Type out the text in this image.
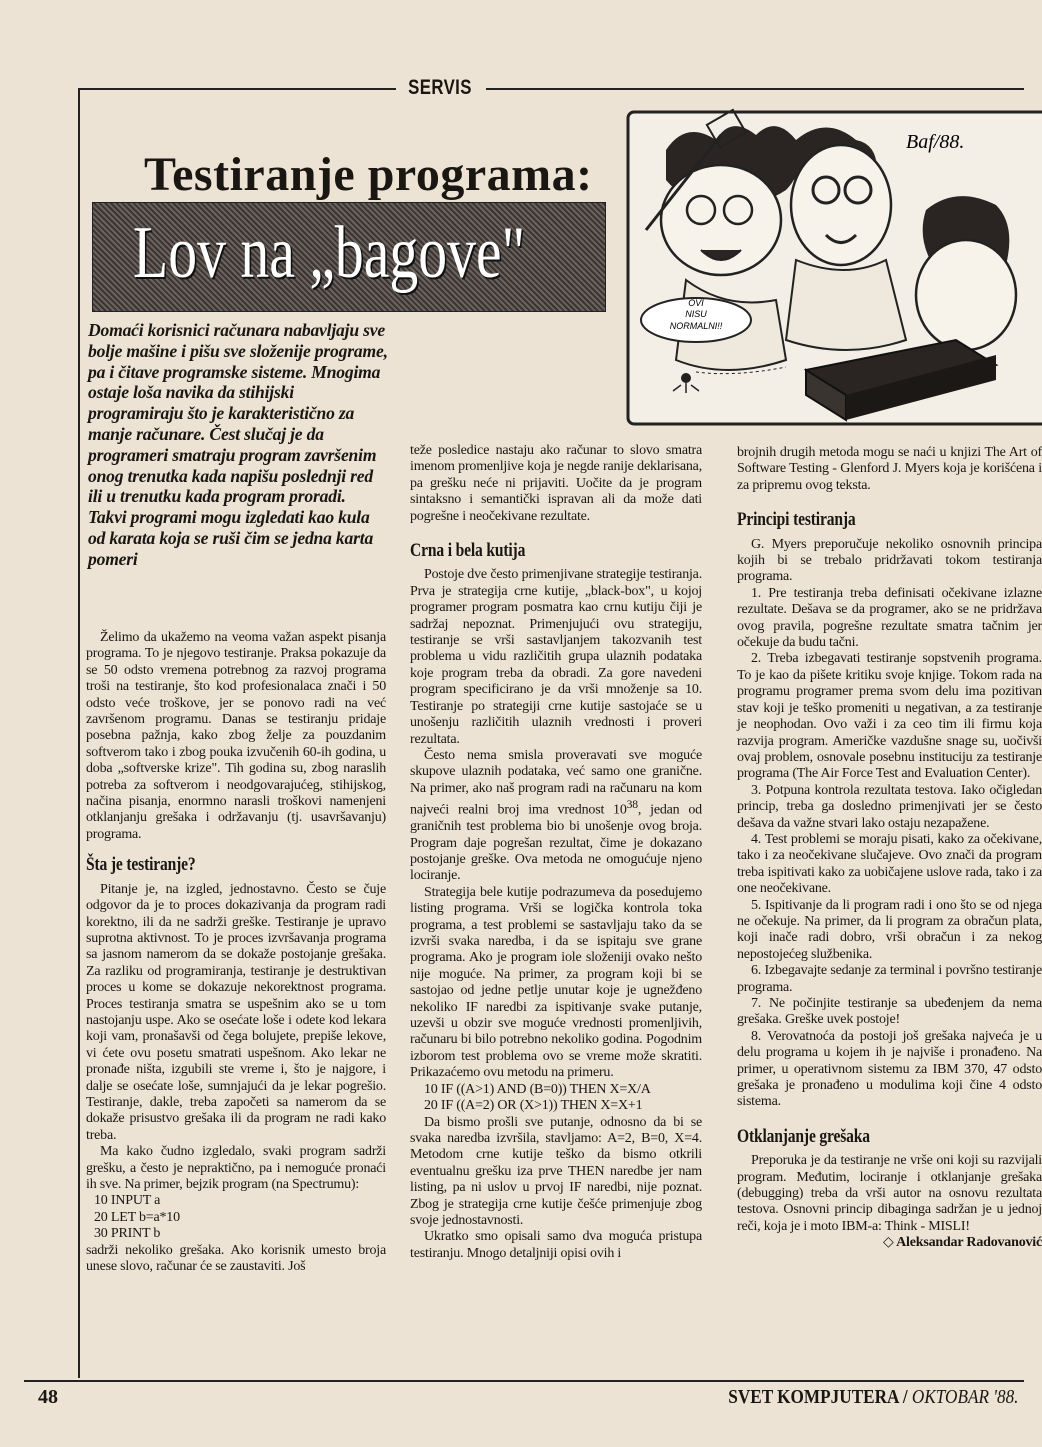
SERVIS
Testiranje programa:
Lov na „bagove"
OVI
NISU
NORMALNI!!
Baf/88.
Domaći korisnici računara nabavljaju sve bolje mašine i pišu sve složenije programe, pa i čitave programske sisteme. Mnogima ostaje loša navika da stihijski programiraju što je karakteristično za manje računare. Čest slučaj je da programeri smatraju program završenim onog trenutka kada napišu poslednji red ili u trenutku kada program proradi. Takvi programi mogu izgledati kao kula od karata koja se ruši čim se jedna karta pomeri

Želimo da ukažemo na veoma važan aspekt pisanja programa. To je njegovo testiranje. Praksa pokazuje da se 50 odsto vremena potrebnog za razvoj programa troši na testiranje, što kod profesionalaca znači i 50 odsto veće troškove, jer se ponovo radi na već završenom programu. Danas se testiranju pridaje posebna pažnja, kako zbog želje za pouzdanim softverom tako i zbog pouka izvučenih 60-ih godina, u doba „softverske krize". Tih godina su, zbog naraslih potreba za softverom i neodgovarajućeg, stihijskog, načina pisanja, enormno narasli troškovi namenjeni otklanjanju grešaka i održavanju (tj. usavršavanju) programa.

Šta je testiranje?

Pitanje je, na izgled, jednostavno. Često se čuje odgovor da je to proces dokazivanja da program radi korektno, ili da ne sadrži greške. Testiranje je upravo suprotna aktivnost. To je proces izvršavanja programa sa jasnom namerom da se dokaže postojanje grešaka. Za razliku od programiranja, testiranje je destruktivan proces u kome se dokazuje nekorektnost programa. Proces testiranja smatra se uspešnim ako se u tom nastojanju uspe. Ako se osećate loše i odete kod lekara koji vam, pronašavši od čega bolujete, prepiše lekove, vi ćete ovu posetu smatrati uspešnom. Ako lekar ne pronađe ništa, izgubili ste vreme i, što je najgore, i dalje se osećate loše, sumnjajući da je lekar pogrešio. Testiranje, dakle, treba započeti sa namerom da se dokaže prisustvo grešaka ili da program ne radi kako treba.

Ma kako čudno izgledalo, svaki program sadrži grešku, a često je nepraktično, pa i nemoguće pronaći ih sve. Na primer, bejzik program (na Spectrumu):

10 INPUT a

20 LET b=a*10

30 PRINT b

sadrži nekoliko grešaka. Ako korisnik umesto broja unese slovo, računar će se zaustaviti. Još

teže posledice nastaju ako računar to slovo smatra imenom promenljive koja je negde ranije deklarisana, pa grešku neće ni prijaviti. Uočite da je program sintaksno i semantički ispravan ali da može dati pogrešne i neočekivane rezultate.

Crna i bela kutija

Postoje dve često primenjivane strategije testiranja. Prva je strategija crne kutije, „black-box", u kojoj programer program posmatra kao crnu kutiju čiji je sadržaj nepoznat. Primenjujući ovu strategiju, testiranje se vrši sastavljanjem takozvanih test problema u vidu različitih grupa ulaznih podataka koje program treba da obradi. Za gore navedeni program specificirano je da vrši množenje sa 10. Testiranje po strategiji crne kutije sastojaće se u unošenju različitih ulaznih vrednosti i proveri rezultata.

Često nema smisla proveravati sve moguće skupove ulaznih podataka, već samo one granične. Na primer, ako naš program radi na računaru na kom najveći realni broj ima vrednost $10^{38}$, jedan od graničnih test problema bio bi unošenje ovog broja. Program daje pogrešan rezultat, čime je dokazano postojanje greške. Ova metoda ne omogućuje njeno lociranje.

Strategija bele kutije podrazumeva da posedujemo listing programa. Vrši se logička kontrola toka programa, a test problemi se sastavljaju tako da se izvrši svaka naredba, i da se ispitaju sve grane programa. Ako je program iole složeniji ovako nešto nije moguće. Na primer, za program koji bi se sastojao od jedne petlje unutar koje je ugnežđeno nekoliko IF naredbi za ispitivanje svake putanje, uzevši u obzir sve moguće vrednosti promenljivih, računaru bi bilo potrebno nekoliko godina. Pogodnim izborom test problema ovo se vreme može skratiti. Prikazaćemo ovu metodu na primeru.

10 IF ((A>1) AND (B=0)) THEN X=X/A

20 IF ((A=2) OR (X>1)) THEN X=X+1

Da bismo prošli sve putanje, odnosno da bi se svaka naredba izvršila, stavljamo: A=2, B=0, X=4. Metodom crne kutije teško da bismo otkrili eventualnu grešku iza prve THEN naredbe jer nam listing, pa ni uslov u prvoj IF naredbi, nije poznat. Zbog je strategija crne kutije češće primenjuje zbog svoje jednostavnosti.

Ukratko smo opisali samo dva moguća pristupa testiranju. Mnogo detaljniji opisi ovih i

brojnih drugih metoda mogu se naći u knjizi The Art of Software Testing - Glenford J. Myers koja je korišćena i za pripremu ovog teksta.

Principi testiranja

G. Myers preporučuje nekoliko osnovnih principa kojih bi se trebalo pridržavati tokom testiranja programa.

1. Pre testiranja treba definisati očekivane izlazne rezultate. Dešava se da programer, ako se ne pridržava ovog pravila, pogrešne rezultate smatra tačnim jer očekuje da budu tačni.

2. Treba izbegavati testiranje sopstvenih programa. To je kao da pišete kritiku svoje knjige. Tokom rada na programu programer prema svom delu ima pozitivan stav koji je teško promeniti u negativan, a za testiranje je neophodan. Ovo važi i za ceo tim ili firmu koja razvija program. Američke vazdušne snage su, uočivši ovaj problem, osnovale posebnu instituciju za testiranje programa (The Air Force Test and Evaluation Center).

3. Potpuna kontrola rezultata testova. Iako očigledan princip, treba ga dosledno primenjivati jer se često dešava da važne stvari lako ostaju nezapažene.

4. Test problemi se moraju pisati, kako za očekivane, tako i za neočekivane slučajeve. Ovo znači da program treba ispitivati kako za uobičajene uslove rada, tako i za one neočekivane.

5. Ispitivanje da li program radi i ono što se od njega ne očekuje. Na primer, da li program za obračun plata, koji inače radi dobro, vrši obračun i za nekog nepostojećeg službenika.

6. Izbegavajte sedanje za terminal i površno testiranje programa.

7. Ne počinjite testiranje sa ubeđenjem da nema grešaka. Greške uvek postoje!

8. Verovatnoća da postoji još grešaka najveća je u delu programa u kojem ih je najviše i pronađeno. Na primer, u operativnom sistemu za IBM 370, 47 odsto grešaka je pronađeno u modulima koji čine 4 odsto sistema.

Otklanjanje grešaka

Preporuka je da testiranje ne vrše oni koji su razvijali program. Međutim, lociranje i otklanjanje grešaka (debugging) treba da vrši autor na osnovu rezultata testova. Osnovni princip dibaginga sadržan je u jednoj reči, koja je i moto IBM-a: Think - MISLI!

◇ Aleksandar Radovanović

48	SVET KOMPJUTERA / OKTOBAR '88.
